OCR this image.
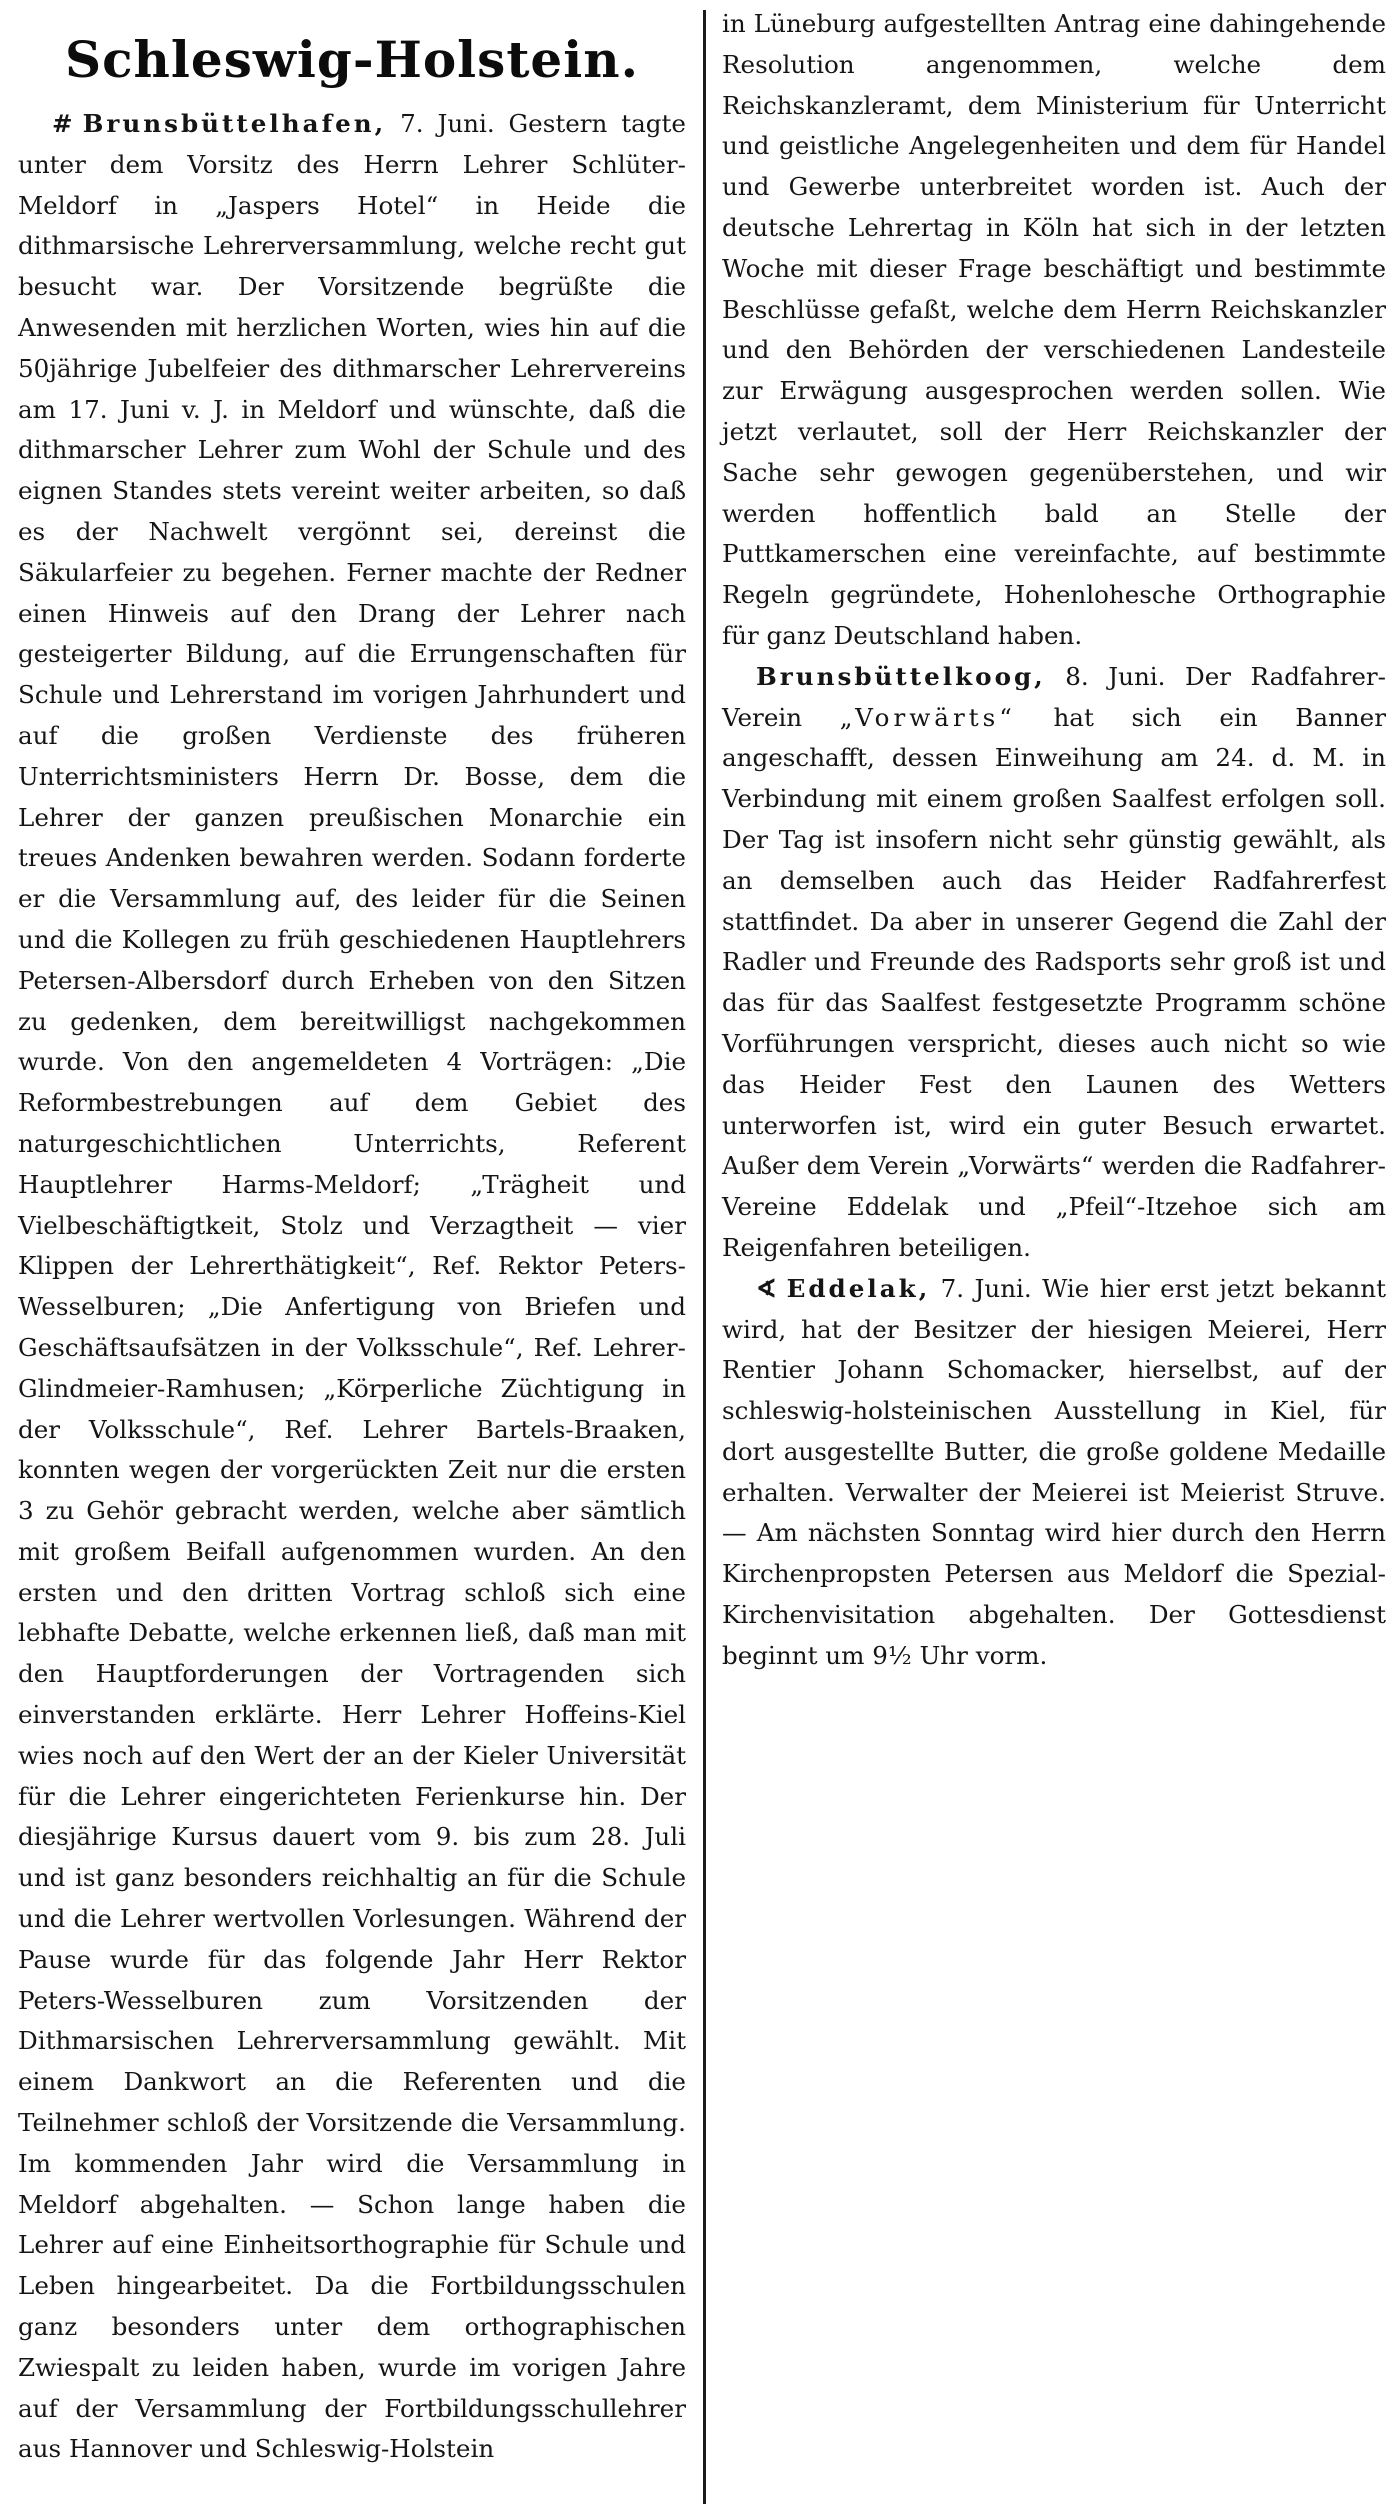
Schleswig-Holstein.

# Brunsbüttelhafen, 7. Juni. Gestern tagte unter dem Vorsitz des Herrn Lehrer Schlüter-Meldorf in „Jaspers Hotel“ in Heide die dithmarsische Lehrerversammlung, welche recht gut besucht war. Der Vorsitzende begrüßte die Anwesenden mit herzlichen Worten, wies hin auf die 50jährige Jubelfeier des dithmarscher Lehrervereins am 17. Juni v. J. in Meldorf und wünschte, daß die dithmarscher Lehrer zum Wohl der Schule und des eignen Standes stets vereint weiter arbeiten, so daß es der Nachwelt vergönnt sei, dereinst die Säkularfeier zu begehen. Ferner machte der Redner einen Hinweis auf den Drang der Lehrer nach gesteigerter Bildung, auf die Errungenschaften für Schule und Lehrerstand im vorigen Jahrhundert und auf die großen Verdienste des früheren Unterrichtsministers Herrn Dr. Bosse, dem die Lehrer der ganzen preußischen Monarchie ein treues Andenken bewahren werden. Sodann forderte er die Versammlung auf, des leider für die Seinen und die Kollegen zu früh geschiedenen Hauptlehrers Petersen-Albersdorf durch Erheben von den Sitzen zu gedenken, dem bereitwilligst nachgekommen wurde. Von den angemeldeten 4 Vorträgen: „Die Reformbestrebungen auf dem Gebiet des naturgeschichtlichen Unterrichts, Referent Hauptlehrer Harms-Meldorf; „Trägheit und Vielbeschäftigtkeit, Stolz und Verzagtheit — vier Klippen der Lehrerthätigkeit“, Ref. Rektor Peters-Wesselburen; „Die Anfertigung von Briefen und Geschäftsaufsätzen in der Volksschule“, Ref. Lehrer-Glindmeier-Ramhusen; „Körperliche Züchtigung in der Volksschule“, Ref. Lehrer Bartels-Braaken, konnten wegen der vorgerückten Zeit nur die ersten 3 zu Gehör gebracht werden, welche aber sämtlich mit großem Beifall aufgenommen wurden. An den ersten und den dritten Vortrag schloß sich eine lebhafte Debatte, welche erkennen ließ, daß man mit den Hauptforderungen der Vortragenden sich einverstanden erklärte. Herr Lehrer Hoffeins-Kiel wies noch auf den Wert der an der Kieler Universität für die Lehrer eingerichteten Ferienkurse hin. Der diesjährige Kursus dauert vom 9. bis zum 28. Juli und ist ganz besonders reichhaltig an für die Schule und die Lehrer wertvollen Vorlesungen. Während der Pause wurde für das folgende Jahr Herr Rektor Peters-Wesselburen zum Vorsitzenden der Dithmarsischen Lehrerversammlung gewählt. Mit einem Dankwort an die Referenten und die Teilnehmer schloß der Vorsitzende die Versammlung. Im kommenden Jahr wird die Versammlung in Meldorf abgehalten. — Schon lange haben die Lehrer auf eine Einheitsorthographie für Schule und Leben hingearbeitet. Da die Fortbildungsschulen ganz besonders unter dem orthographischen Zwiespalt zu leiden haben, wurde im vorigen Jahre auf der Versammlung der Fortbildungsschullehrer aus Hannover und Schleswig-Holstein

in Lüneburg aufgestellten Antrag eine dahingehende Resolution angenommen, welche dem Reichskanzleramt, dem Ministerium für Unterricht und geistliche Angelegenheiten und dem für Handel und Gewerbe unterbreitet worden ist. Auch der deutsche Lehrertag in Köln hat sich in der letzten Woche mit dieser Frage beschäftigt und bestimmte Beschlüsse gefaßt, welche dem Herrn Reichskanzler und den Behörden der verschiedenen Landesteile zur Erwägung ausgesprochen werden sollen. Wie jetzt verlautet, soll der Herr Reichskanzler der Sache sehr gewogen gegenüberstehen, und wir werden hoffentlich bald an Stelle der Puttkamerschen eine vereinfachte, auf bestimmte Regeln gegründete, Hohenlohesche Orthographie für ganz Deutschland haben.

Brunsbüttelkoog, 8. Juni. Der Radfahrer-Verein „Vorwärts“ hat sich ein Banner angeschafft, dessen Einweihung am 24. d. M. in Verbindung mit einem großen Saalfest erfolgen soll. Der Tag ist insofern nicht sehr günstig gewählt, als an demselben auch das Heider Radfahrerfest stattfindet. Da aber in unserer Gegend die Zahl der Radler und Freunde des Radsports sehr groß ist und das für das Saalfest festgesetzte Programm schöne Vorführungen verspricht, dieses auch nicht so wie das Heider Fest den Launen des Wetters unterworfen ist, wird ein guter Besuch erwartet. Außer dem Verein „Vorwärts“ werden die Radfahrer-Vereine Eddelak und „Pfeil“-Itzehoe sich am Reigenfahren beteiligen.

∢ Eddelak, 7. Juni. Wie hier erst jetzt bekannt wird, hat der Besitzer der hiesigen Meierei, Herr Rentier Johann Schomacker, hierselbst, auf der schleswig-holsteinischen Ausstellung in Kiel, für dort ausgestellte Butter, die große goldene Medaille erhalten. Verwalter der Meierei ist Meierist Struve. — Am nächsten Sonntag wird hier durch den Herrn Kirchenpropsten Petersen aus Meldorf die Spezial-Kirchenvisitation abgehalten. Der Gottesdienst beginnt um 9½ Uhr vorm.
